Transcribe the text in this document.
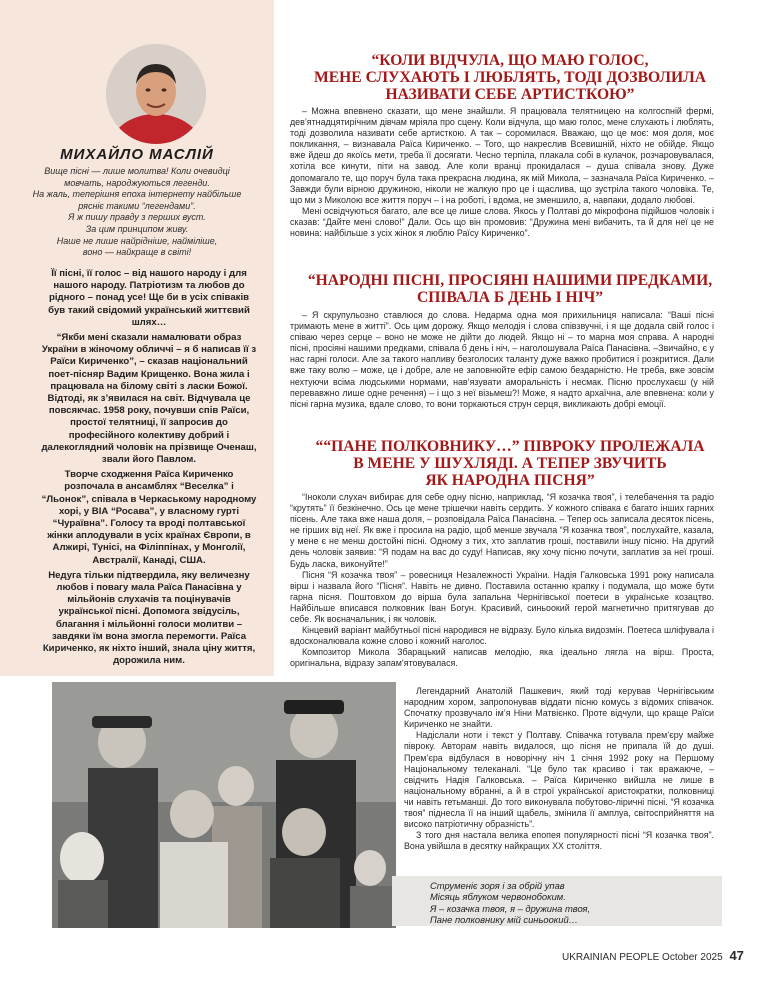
МИХАЙЛО МАСЛІЙ
Вище пісні — лише молитва! Коли очевидці
мовчать, народжуються легенди.
На жаль, теперішня епоха інтернету найбільше
рясніє такими “легендами”.
Я ж пишу правду з перших вуст.
За цим принципом живу.
Наше не лише найрідніше, найміліше,
воно — найкраще в світі!

Її пісні, її голос – від нашого народу і для нашого народу. Патріотизм та любов до рідного – понад усе! Ще би в усіх співаків був такий свідомий український життєвий шлях…

“Якби мені сказали намалювати образ України в жіночому обличчі – я б написав її з Раїси Кириченко”, – сказав національний поет-пісняр Вадим Крищенко. Вона жила і працювала на білому світі з ласки Божої. Відтоді, як з’явилася на світ. Відчувала це повсякчас. 1958 року, почувши спів Раїси, простої телятниці, її запросив до професійного колективу добрий і далекоглядний чоловік на прізвище Оченаш, звали його Павлом.

Творче сходження Раїса Кириченко розпочала в ансамблях “Веселка” і “Льонок”, співала в Черкаському народному хорі, у ВІА “Росава”, у власному гурті “Чураївна”. Голосу та вроді полтавської жінки аплодували в усіх країнах Європи, в Алжирі, Тунісі, на Філіппінах, у Монголії, Австралії, Канаді, США.

Недуга тільки підтвердила, яку величезну любов і повагу мала Раїса Панасівна у мільйонів слухачів та поцінувачів української пісні. Допомога звідусіль, благання і мільйонні голоси молитви – завдяки їм вона змогла перемогти. Раїса Кириченко, як ніхто інший, знала ціну життя, дорожила ним.

“КОЛИ ВІДЧУЛА, ЩО МАЮ ГОЛОС,
МЕНЕ СЛУХАЮТЬ І ЛЮБЛЯТЬ, ТОДІ ДОЗВОЛИЛА
НАЗИВАТИ СЕБЕ АРТИСТКОЮ”

– Можна впевнено сказати, що мене знайшли. Я працювала телятницею на колгоспній фермі, дев’ятнадцятирічним дівчам мріяла про сцену. Коли відчула, що маю голос, мене слухають і люблять, тоді дозволила називати себе артисткою. А так – соромилася. Вважаю, що це моє: моя доля, моє покликання, – визнавала Раїса Кириченко. – Того, що накреслив Всевишній, ніхто не обійде. Якщо вже йдеш до якоїсь мети, треба її досягати. Чесно терпіла, плакала собі в кулачок, розчаровувалася, хотіла все кинути, піти на завод. Але коли вранці прокидалася – душа співала знову. Дуже допомагало те, що поруч була така прекрасна людина, як мій Микола, – зазначала Раїса Кириченко. – Завжди були вірною дружиною, ніколи не жалкую про це і щаслива, що зустріла такого чоловіка. Те, що ми з Миколою все життя поруч – і на роботі, і вдома, не зменшило, а, навпаки, додало любові.

Мені освідчуються багато, але все це лише слова. Якось у Полтаві до мікрофона підійшов чоловік і сказав: “Дайте мені слово!” Дали. Ось що він промовив: “Дружина мені вибачить, та й для неї це не новина: найбільше з усіх жінок я люблю Раїсу Кириченко”.

“НАРОДНІ ПІСНІ, ПРОСІЯНІ НАШИМИ ПРЕДКАМИ,
СПІВАЛА Б ДЕНЬ І НІЧ”

– Я скрупульозно ставлюся до слова. Недарма одна моя прихильниця написала: “Ваші пісні тримають мене в житті”. Ось цим дорожу. Якщо мелодія і слова співзвучні, і я ще додала свій голос і співаю через серце – воно не може не дійти до людей. Якщо ні – то марна моя справа. А народні пісні, просіяні нашими предками, співала б день і ніч, – наголошувала Раїса Панасівна. –Звичайно, є у нас гарні голоси. Але за такого напливу безголосих таланту дуже важко пробитися і розкритися. Дали вже таку волю – може, це і добре, але не заповнюйте ефір самою бездарністю. Не треба, вже зовсім нехтуючи всіма людськими нормами, нав’язувати аморальність і несмак. Пісню прослухаєш (у ній перевавжно лише одне речення) – і що з неї візьмеш?! Може, я надто архаїчна, але впевнена: коли у пісні гарна музика, вдале слово, то вони торкаються струн серця, викликають добрі емоції.

““ПАНЕ ПОЛКОВНИКУ…” ПІВРОКУ ПРОЛЕЖАЛА
В МЕНЕ У ШУХЛЯДІ. А ТЕПЕР ЗВУЧИТЬ
ЯК НАРОДНА ПІСНЯ”

“Іноколи слухач вибирає для себе одну пісню, наприклад, “Я козачка твоя”, і телебачення та радіо “крутять” її безкінечно. Ось це мене трішечки навіть сердить. У кожного співака є багато інших гарних пісень. Але така вже наша доля, – розповідала Раїса Панасівна. – Тепер ось записала десяток пісень, не гірших від неї. Як вже і просила на радіо, щоб менше звучала “Я козачка твоя”, послухайте, казала, у мене є не менш достойні пісні. Одному з тих, хто заплатив гроші, поставили іншу пісню. На другий день чоловік заявив: “Я подам на вас до суду! Написав, яку хочу пісню почути, заплатив за неї гроші. Будь ласка, виконуйте!”

Пісня “Я козачка твоя” – ровесниця Незалежності України. Надія Галковська 1991 року написала вірш і назвала його “Пісня”. Навіть не дивно. Поставила останню крапку і подумала, що може бути гарна пісня. Поштовхом до вірша була запальна Чернігівської поетеси в українське козацтво. Найбільше вписався полковник Іван Богун. Красивий, синьоокий герой магнетично притягував до себе. Як воєначальник, і як чоловік.

Кінцевий варіант майбутньої пісні народився не відразу. Було кілька видозмін. Поетеса шліфувала і вдосконалювала кожне слово і кожний наголос.

Композитор Микола Збарацький написав мелодію, яка ідеально лягла на вірш. Проста, оригінальна, відразу запам’ятовувалася.

Легендарний Анатолій Пашкевич, який тоді керував Чернігівським народним хором, запропонував віддати пісню комусь з відомих співачок. Спочатку прозвучало ім’я Ніни Матвієнко. Проте відчули, що краще Раїси Кириченко не знайти.

Надіслали ноти і текст у Полтаву. Співачка готувала прем’єру майже півроку. Авторам навіть видалося, що пісня не припала їй до душі. Прем’єра відбулася в новорічну ніч 1 січня 1992 року на Першому Національному телеканалі. “Це було так красиво і так вражаюче, – свідчить Надія Галковська. – Раїса Кириченко вийшла не лише в національному вбранні, а й в строї української аристократки, полковниці чи навіть гетьманші. До того виконувала побутово-ліричні пісні. “Я козачка твоя” піднесла її на інший щабель, змінила її амплуа, світосприйняття на високо патріотичну образність”.

З того дня настала велика епопея популярності пісні “Я козачка твоя”. Вона увійшла в десятку найкращих XX століття.

Струменіє зоря і за обрій упав
Місяць яблуком червонобоким.
Я – козачка твоя, я – дружина твоя,
Пане полковнику мій синьоокий…
UKRAINIAN PEOPLE October 2025 47
